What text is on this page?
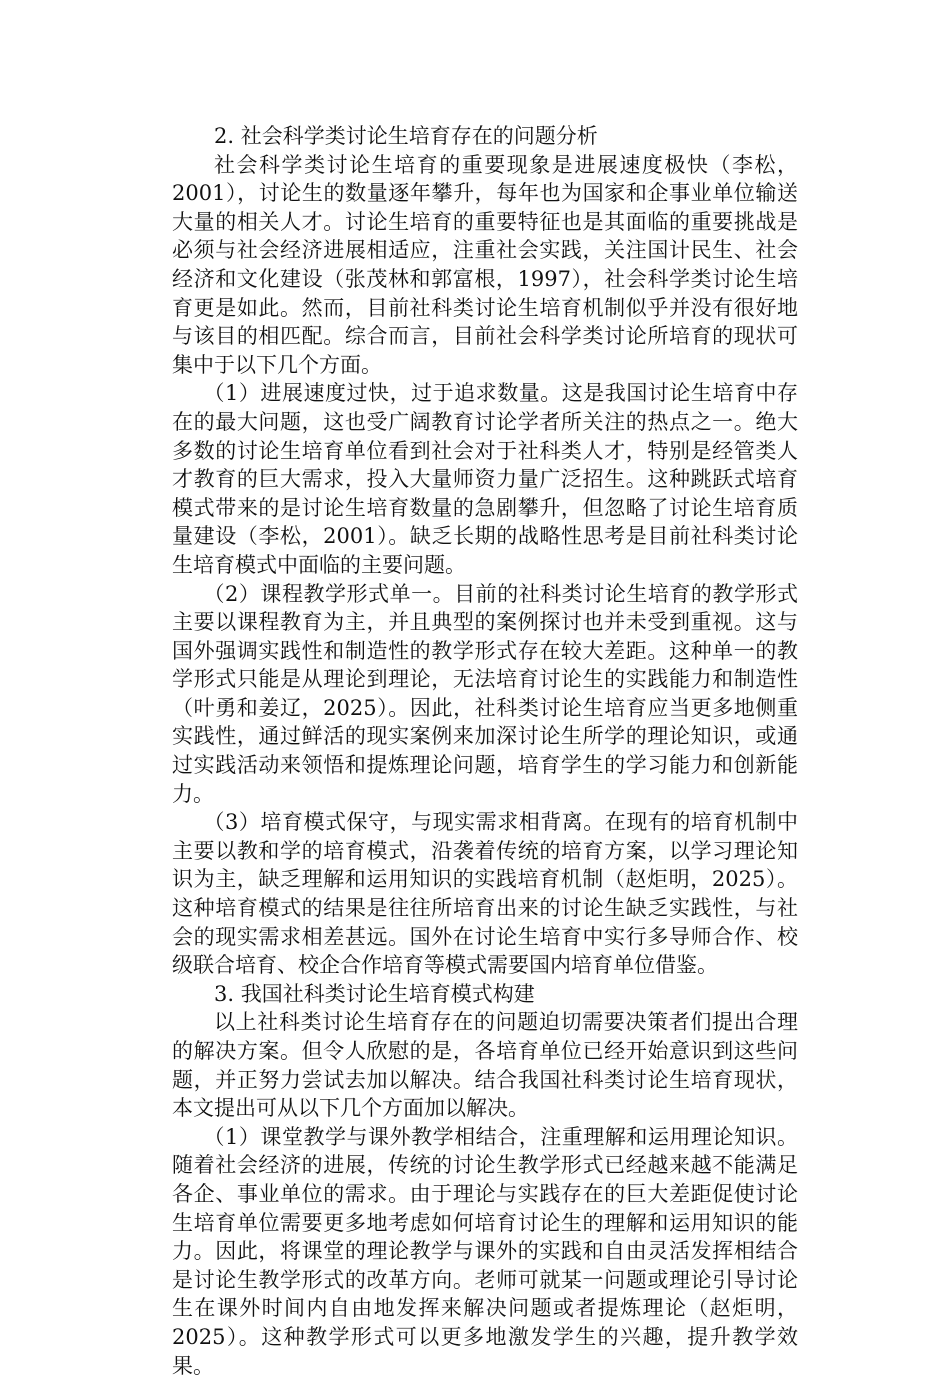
2. 社会科学类讨论生培育存在的问题分析

社会科学类讨论生培育的重要现象是进展速度极快（李松，2001），讨论生的数量逐年攀升，每年也为国家和企事业单位输送大量的相关人才。讨论生培育的重要特征也是其面临的重要挑战是必须与社会经济进展相适应，注重社会实践，关注国计民生、社会经济和文化建设（张茂林和郭富根，1997），社会科学类讨论生培育更是如此。然而，目前社科类讨论生培育机制似乎并没有很好地与该目的相匹配。综合而言，目前社会科学类讨论所培育的现状可集中于以下几个方面。

（1）进展速度过快，过于追求数量。这是我国讨论生培育中存在的最大问题，这也受广阔教育讨论学者所关注的热点之一。绝大多数的讨论生培育单位看到社会对于社科类人才，特别是经管类人才教育的巨大需求，投入大量师资力量广泛招生。这种跳跃式培育模式带来的是讨论生培育数量的急剧攀升，但忽略了讨论生培育质量建设（李松，2001）。缺乏长期的战略性思考是目前社科类讨论生培育模式中面临的主要问题。

（2）课程教学形式单一。目前的社科类讨论生培育的教学形式主要以课程教育为主，并且典型的案例探讨也并未受到重视。这与国外强调实践性和制造性的教学形式存在较大差距。这种单一的教学形式只能是从理论到理论，无法培育讨论生的实践能力和制造性（叶勇和姜辽，2025）。因此，社科类讨论生培育应当更多地侧重实践性，通过鲜活的现实案例来加深讨论生所学的理论知识，或通过实践活动来领悟和提炼理论问题，培育学生的学习能力和创新能力。

（3）培育模式保守，与现实需求相背离。在现有的培育机制中主要以教和学的培育模式，沿袭着传统的培育方案，以学习理论知识为主，缺乏理解和运用知识的实践培育机制（赵炬明，2025）。这种培育模式的结果是往往所培育出来的讨论生缺乏实践性，与社会的现实需求相差甚远。国外在讨论生培育中实行多导师合作、校级联合培育、校企合作培育等模式需要国内培育单位借鉴。

3. 我国社科类讨论生培育模式构建

以上社科类讨论生培育存在的问题迫切需要决策者们提出合理的解决方案。但令人欣慰的是，各培育单位已经开始意识到这些问题，并正努力尝试去加以解决。结合我国社科类讨论生培育现状，本文提出可从以下几个方面加以解决。

（1）课堂教学与课外教学相结合，注重理解和运用理论知识。随着社会经济的进展，传统的讨论生教学形式已经越来越不能满足各企、事业单位的需求。由于理论与实践存在的巨大差距促使讨论生培育单位需要更多地考虑如何培育讨论生的理解和运用知识的能力。因此，将课堂的理论教学与课外的实践和自由灵活发挥相结合是讨论生教学形式的改革方向。老师可就某一问题或理论引导讨论生在课外时间内自由地发挥来解决问题或者提炼理论（赵炬明，2025）。这种教学形式可以更多地激发学生的兴趣，提升教学效果。
